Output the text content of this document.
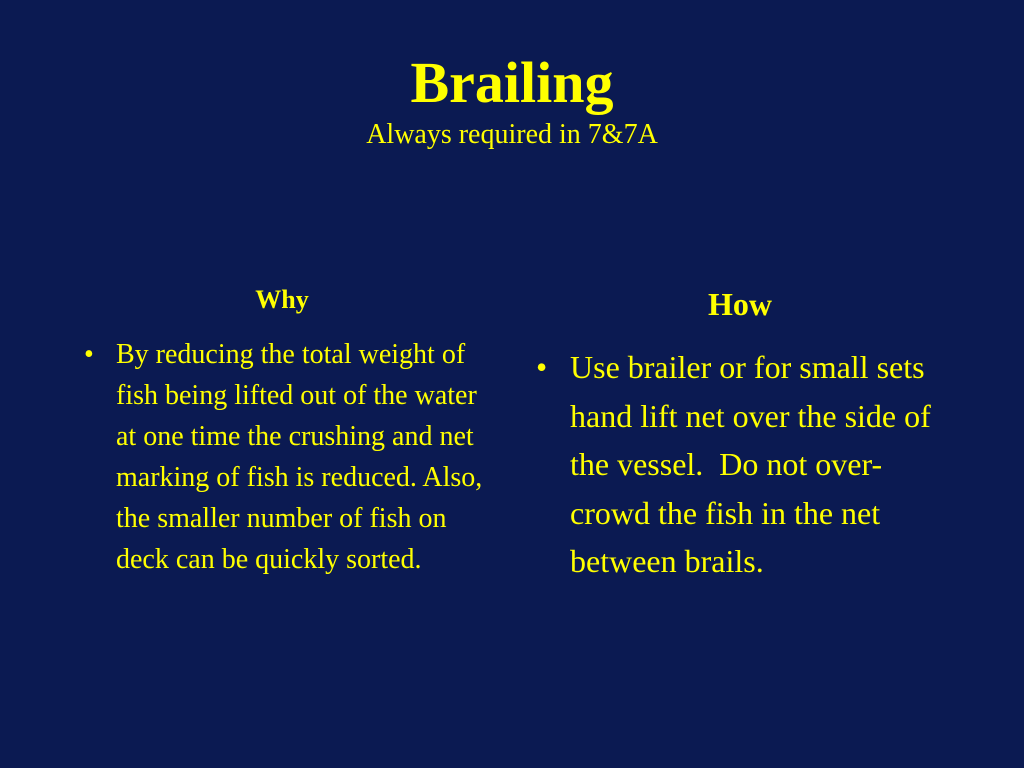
Brailing
Always required in 7&7A
Why
• By reducing the total weight of fish being lifted out of the water at one time the crushing and net marking of fish is reduced. Also, the smaller number of fish on deck can be quickly sorted.
How
• Use brailer or for small sets hand lift net over the side of the vessel.  Do not over-crowd the fish in the net between brails.
